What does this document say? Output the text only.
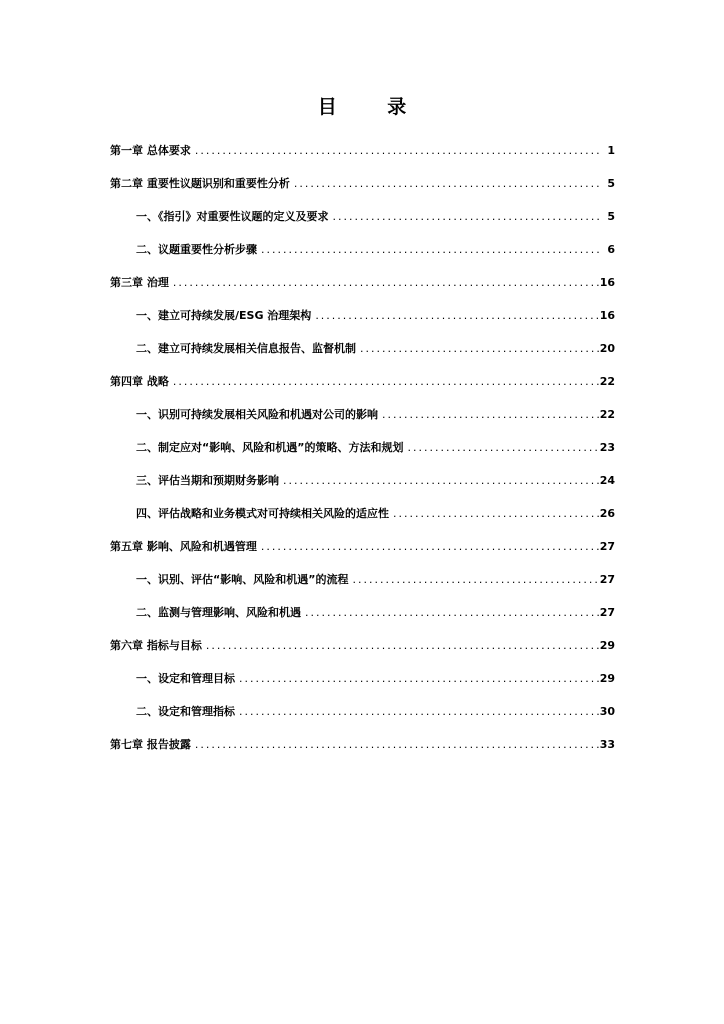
目 录
第一章 总体要求 .....	1
第二章 重要性议题识别和重要性分析 .....	5
一、《指引》对重要性议题的定义及要求 .....	5
二、议题重要性分析步骤 .....	6
第三章 治理 .....	16
一、建立可持续发展/ESG 治理架构 .....	16
二、建立可持续发展相关信息报告、监督机制 .....	20
第四章 战略 .....	22
一、识别可持续发展相关风险和机遇对公司的影响 .....	22
二、制定应对“影响、风险和机遇”的策略、方法和规划 .....	23
三、评估当期和预期财务影响 .....	24
四、评估战略和业务模式对可持续相关风险的适应性 .....	26
第五章 影响、风险和机遇管理 .....	27
一、识别、评估“影响、风险和机遇”的流程 .....	27
二、监测与管理影响、风险和机遇 .....	27
第六章 指标与目标 .....	29
一、设定和管理目标 .....	29
二、设定和管理指标 .....	30
第七章 报告披露 .....	33
